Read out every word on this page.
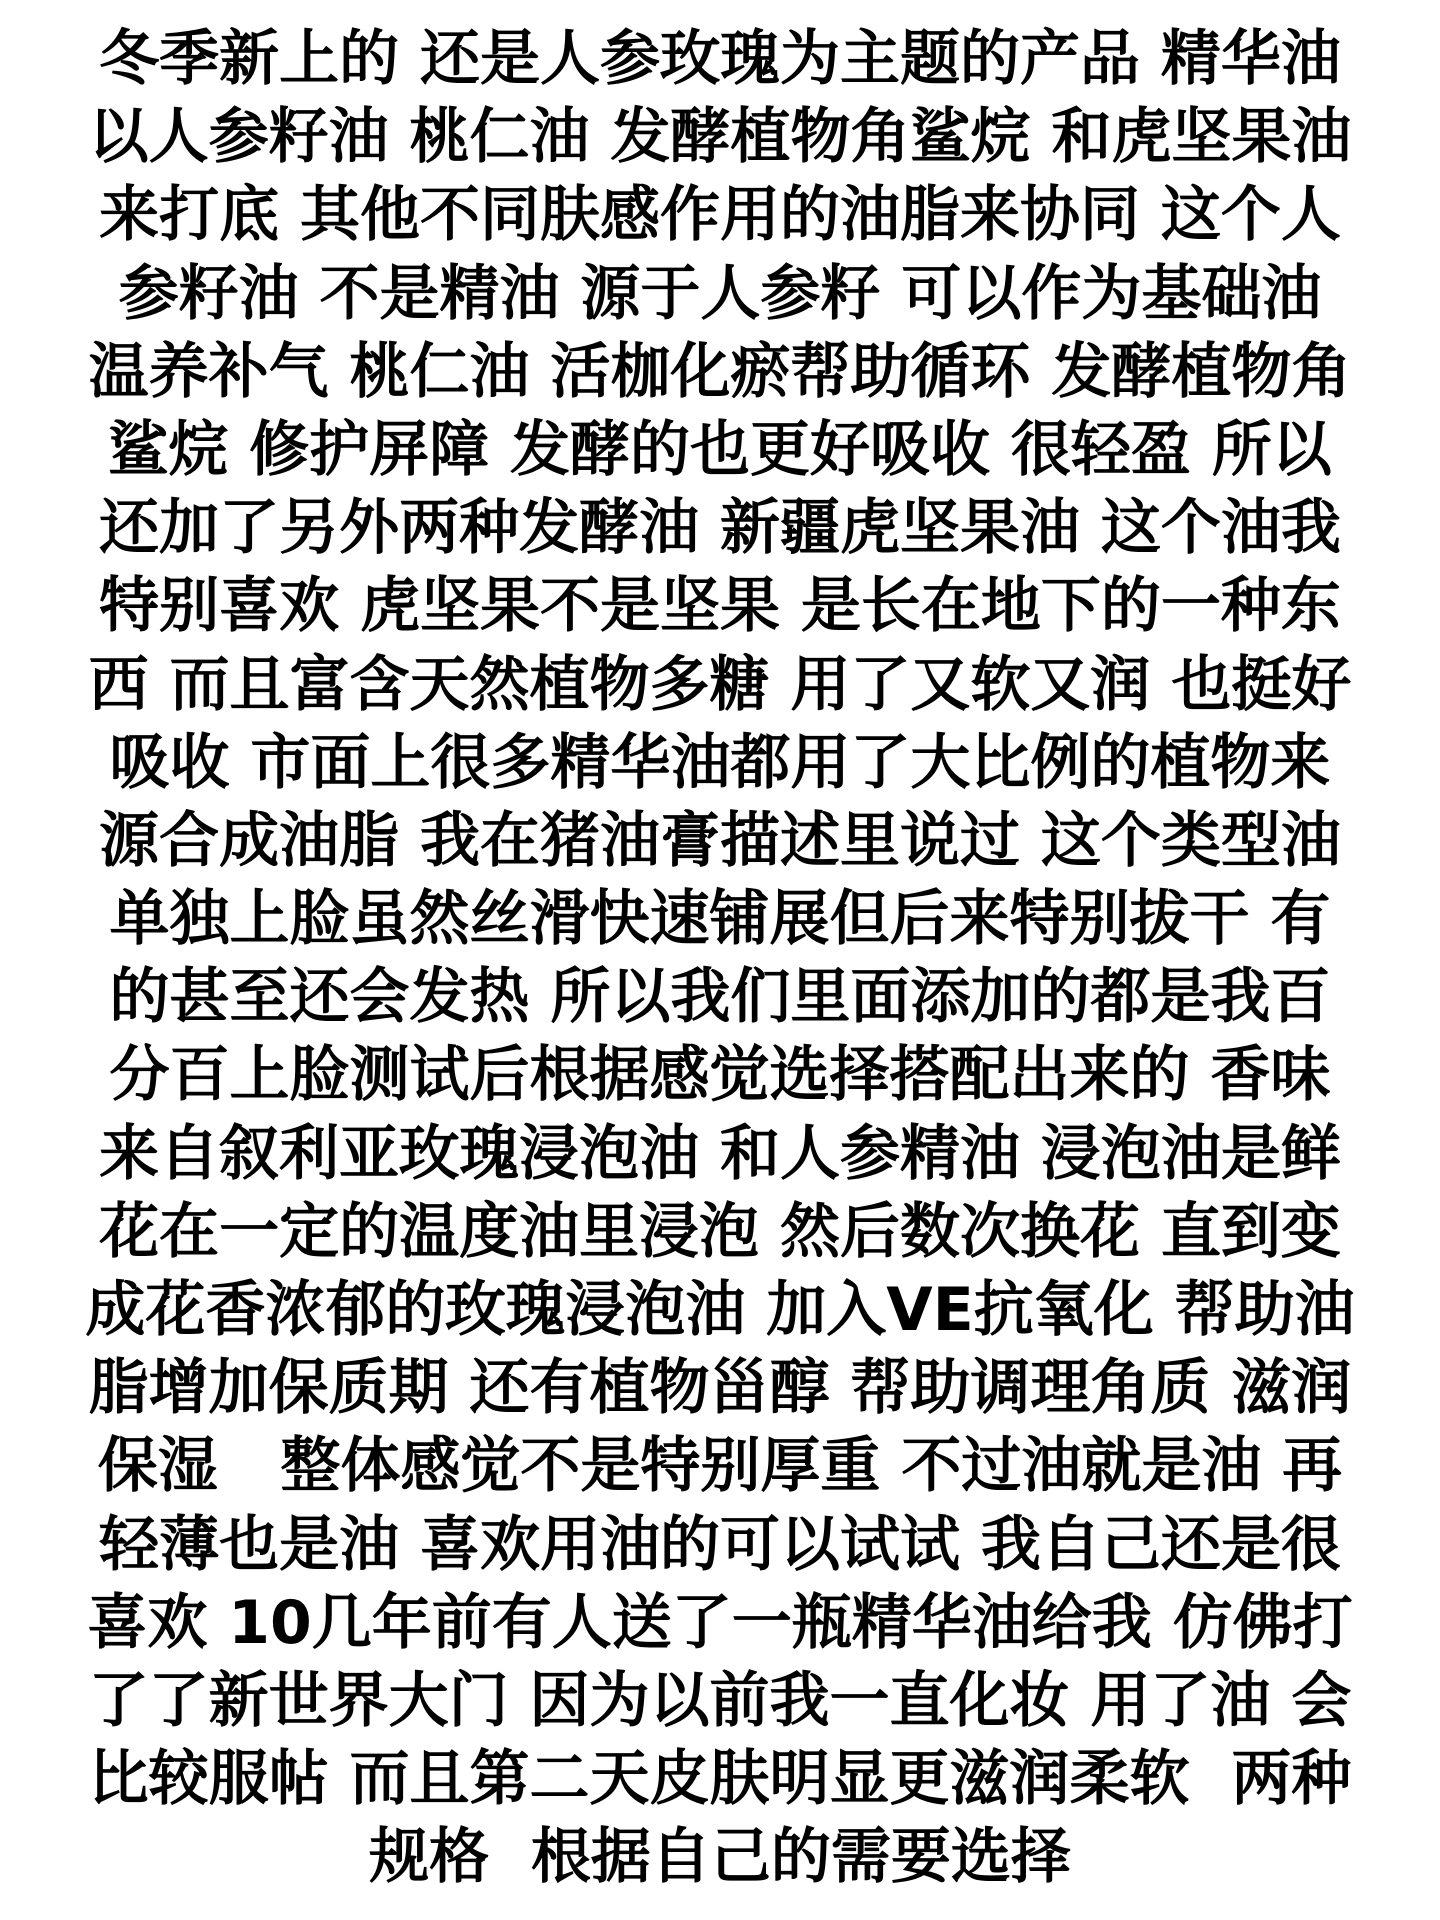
冬季新上的 还是人参玫瑰为主题的产品 精华油
以人参籽油 桃仁油 发酵植物角鲨烷 和虎坚果油
来打底 其他不同肤感作用的油脂来协同 这个人
参籽油 不是精油 源于人参籽 可以作为基础油
温养补气 桃仁油 活枷化瘀帮助循环 发酵植物角
鲨烷 修护屏障 发酵的也更好吸收 很轻盈 所以
还加了另外两种发酵油 新疆虎坚果油 这个油我
特别喜欢 虎坚果不是坚果 是长在地下的一种东
西 而且富含天然植物多糖 用了又软又润 也挺好
吸收 市面上很多精华油都用了大比例的植物来
源合成油脂 我在猪油膏描述里说过 这个类型油
单独上脸虽然丝滑快速铺展但后来特别拔干 有
的甚至还会发热 所以我们里面添加的都是我百
分百上脸测试后根据感觉选择搭配出来的 香味
来自叙利亚玫瑰浸泡油 和人参精油 浸泡油是鲜
花在一定的温度油里浸泡 然后数次换花 直到变
成花香浓郁的玫瑰浸泡油 加入VE抗氧化 帮助油
脂增加保质期 还有植物甾醇 帮助调理角质 滋润
保湿   整体感觉不是特别厚重 不过油就是油 再
轻薄也是油 喜欢用油的可以试试 我自己还是很
喜欢 10几年前有人送了一瓶精华油给我 仿佛打
了了新世界大门 因为以前我一直化妆 用了油 会
比较服帖 而且第二天皮肤明显更滋润柔软  两种
规格  根据自己的需要选择
